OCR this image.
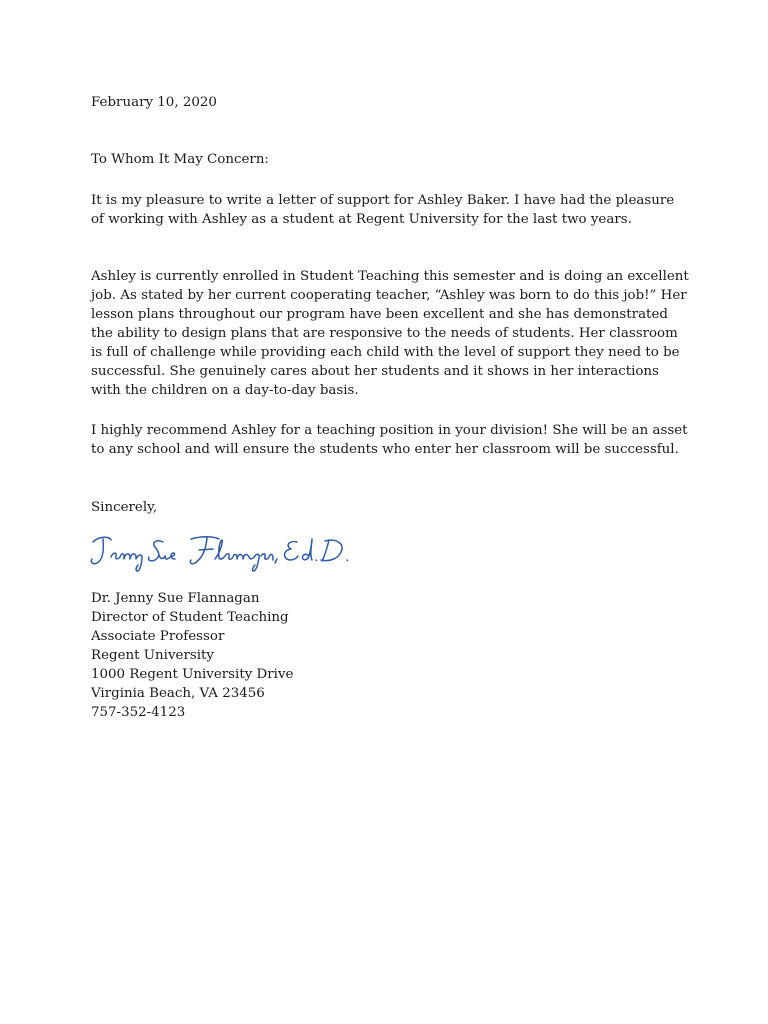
February 10, 2020

To Whom It May Concern:

It is my pleasure to write a letter of support for Ashley Baker. I have had the pleasure of working with Ashley as a student at Regent University for the last two years.

Ashley is currently enrolled in Student Teaching this semester and is doing an excellent job. As stated by her current cooperating teacher, “Ashley was born to do this job!” Her lesson plans throughout our program have been excellent and she has demonstrated the ability to design plans that are responsive to the needs of students. Her classroom is full of challenge while providing each child with the level of support they need to be successful. She genuinely cares about her students and it shows in her interactions with the children on a day-to-day basis.

I highly recommend Ashley for a teaching position in your division! She will be an asset to any school and will ensure the students who enter her classroom will be successful.

Sincerely,

Dr. Jenny Sue Flannagan
Director of Student Teaching
Associate Professor
Regent University
1000 Regent University Drive
Virginia Beach, VA 23456
757-352-4123
